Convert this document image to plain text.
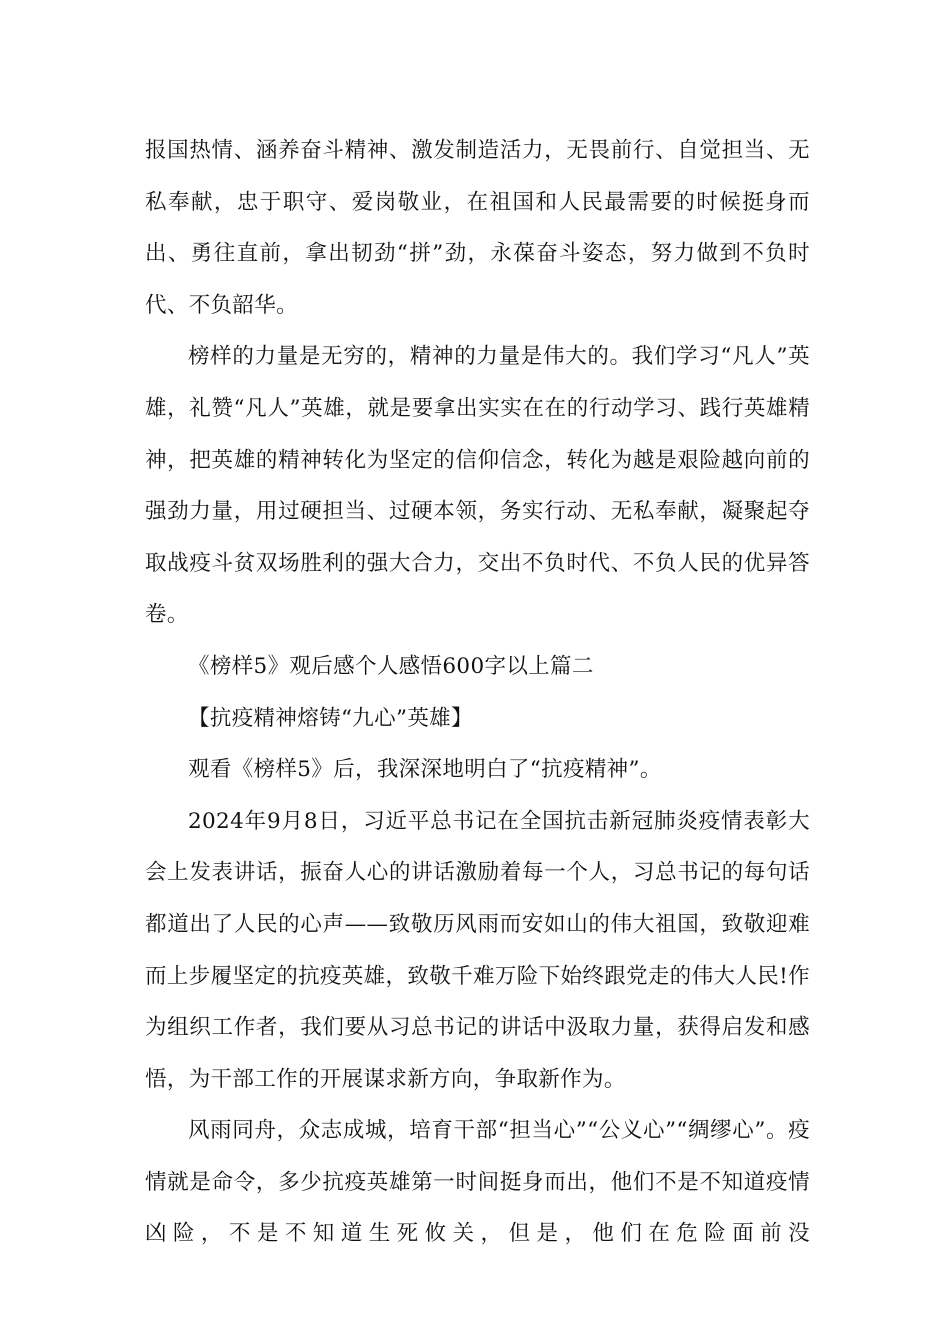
报国热情、涵养奋斗精神、激发制造活力，无畏前行、自觉担当、无私奉献，忠于职守、爱岗敬业，在祖国和人民最需要的时候挺身而出、勇往直前，拿出韧劲“拼”劲，永葆奋斗姿态，努力做到不负时代、不负韶华。

榜样的力量是无穷的，精神的力量是伟大的。我们学习“凡人”英雄，礼赞“凡人”英雄，就是要拿出实实在在的行动学习、践行英雄精神，把英雄的精神转化为坚定的信仰信念，转化为越是艰险越向前的强劲力量，用过硬担当、过硬本领，务实行动、无私奉献，凝聚起夺取战疫斗贫双场胜利的强大合力，交出不负时代、不负人民的优异答卷。

《榜样5》观后感个人感悟600字以上篇二

【抗疫精神熔铸“九心”英雄】

观看《榜样5》后，我深深地明白了“抗疫精神”。

2024年9月8日，习近平总书记在全国抗击新冠肺炎疫情表彰大会上发表讲话，振奋人心的讲话激励着每一个人，习总书记的每句话都道出了人民的心声——致敬历风雨而安如山的伟大祖国，致敬迎难而上步履坚定的抗疫英雄，致敬千难万险下始终跟党走的伟大人民!作为组织工作者，我们要从习总书记的讲话中汲取力量，获得启发和感悟，为干部工作的开展谋求新方向，争取新作为。

风雨同舟，众志成城，培育干部“担当心”“公义心”“绸缪心”。疫情就是命令，多少抗疫英雄第一时间挺身而出，他们不是不知道疫情凶险，不是不知道生死攸关，但是，他们在危险面前没
